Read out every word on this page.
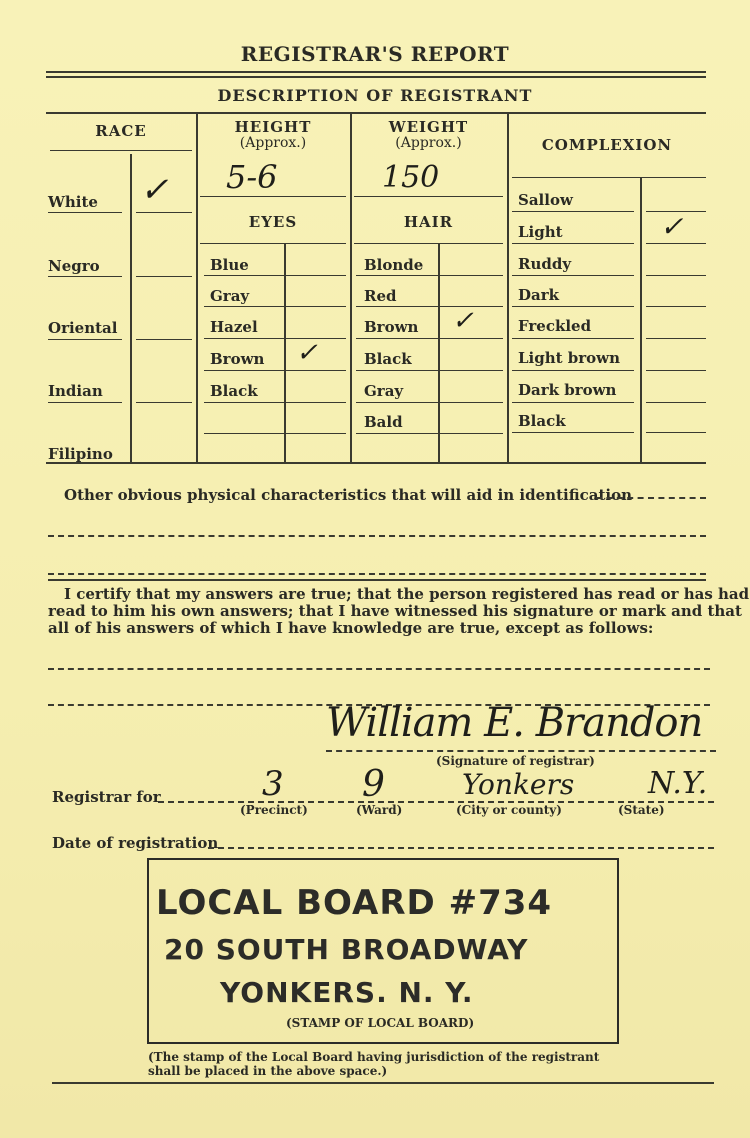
REGISTRAR'S REPORT
DESCRIPTION OF REGISTRANT
RACE
White ✓
Negro
Oriental
Indian
Filipino
HEIGHT
(Approx.)
5-6
WEIGHT
(Approx.)
150
EYES
Blue
Gray
Hazel
Brown ✓
Black
HAIR
Blonde
Red
Brown ✓
Black
Gray
Bald
COMPLEXION
Sallow
Light	✓
Ruddy
Dark
Freckled
Light brown
Dark brown
Black
Other obvious physical characteristics that will aid in identification
I certify that my answers are true; that the person registered has read or has had
read to him his own answers; that I have witnessed his signature or mark and that
all of his answers of which I have knowledge are true, except as follows:
William E. Brandon
(Signature of registrar)
Registrar for	3
(Precinct)
9
(Ward)
Yonkers
(City or county)
N.Y.
(State)
Date of registration
LOCAL BOARD #734
20 SOUTH BROADWAY
YONKERS. N. Y.
(STAMP OF LOCAL BOARD)
(The stamp of the Local Board having jurisdiction of the registrant
shall be placed in the above space.)
